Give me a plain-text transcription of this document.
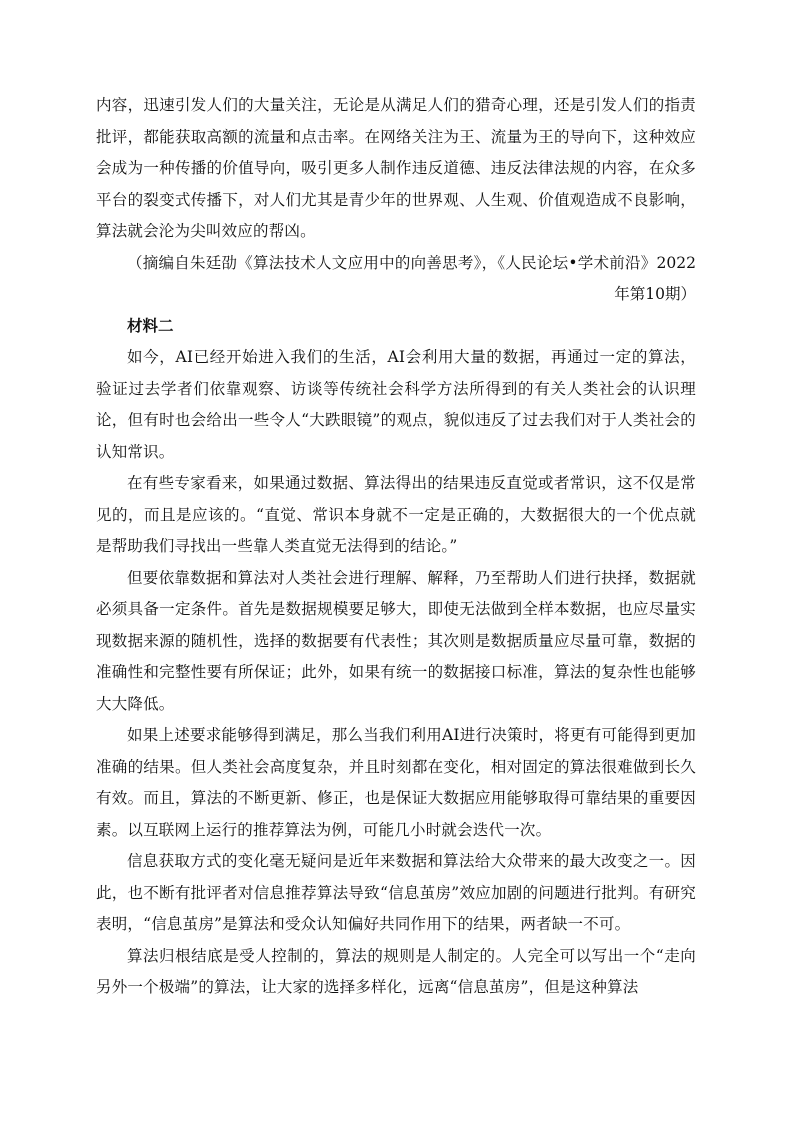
内容，迅速引发人们的大量关注，无论是从满足人们的猎奇心理，还是引发人们的指责批评，都能获取高额的流量和点击率。在网络关注为王、流量为王的导向下，这种效应会成为一种传播的价值导向，吸引更多人制作违反道德、违反法律法规的内容，在众多平台的裂变式传播下，对人们尤其是青少年的世界观、人生观、价值观造成不良影响，算法就会沦为尖叫效应的帮凶。

（摘编自朱廷劭《算法技术人文应用中的向善思考》，《人民论坛•学术前沿》2022年第10期）

材料二

如今，AI已经开始进入我们的生活，AI会利用大量的数据，再通过一定的算法，验证过去学者们依靠观察、访谈等传统社会科学方法所得到的有关人类社会的认识理论，但有时也会给出一些令人“大跌眼镜”的观点，貌似违反了过去我们对于人类社会的认知常识。

在有些专家看来，如果通过数据、算法得出的结果违反直觉或者常识，这不仅是常见的，而且是应该的。“直觉、常识本身就不一定是正确的，大数据很大的一个优点就是帮助我们寻找出一些靠人类直觉无法得到的结论。”

但要依靠数据和算法对人类社会进行理解、解释，乃至帮助人们进行抉择，数据就必须具备一定条件。首先是数据规模要足够大，即使无法做到全样本数据，也应尽量实现数据来源的随机性，选择的数据要有代表性；其次则是数据质量应尽量可靠，数据的准确性和完整性要有所保证；此外，如果有统一的数据接口标准，算法的复杂性也能够大大降低。

如果上述要求能够得到满足，那么当我们利用AI进行决策时，将更有可能得到更加准确的结果。但人类社会高度复杂，并且时刻都在变化，相对固定的算法很难做到长久有效。而且，算法的不断更新、修正，也是保证大数据应用能够取得可靠结果的重要因素。以互联网上运行的推荐算法为例，可能几小时就会迭代一次。

信息获取方式的变化毫无疑问是近年来数据和算法给大众带来的最大改变之一。因此，也不断有批评者对信息推荐算法导致“信息茧房”效应加剧的问题进行批判。有研究表明，“信息茧房”是算法和受众认知偏好共同作用下的结果，两者缺一不可。

算法归根结底是受人控制的，算法的规则是人制定的。人完全可以写出一个“走向另外一个极端”的算法，让大家的选择多样化，远离“信息茧房”，但是这种算法
